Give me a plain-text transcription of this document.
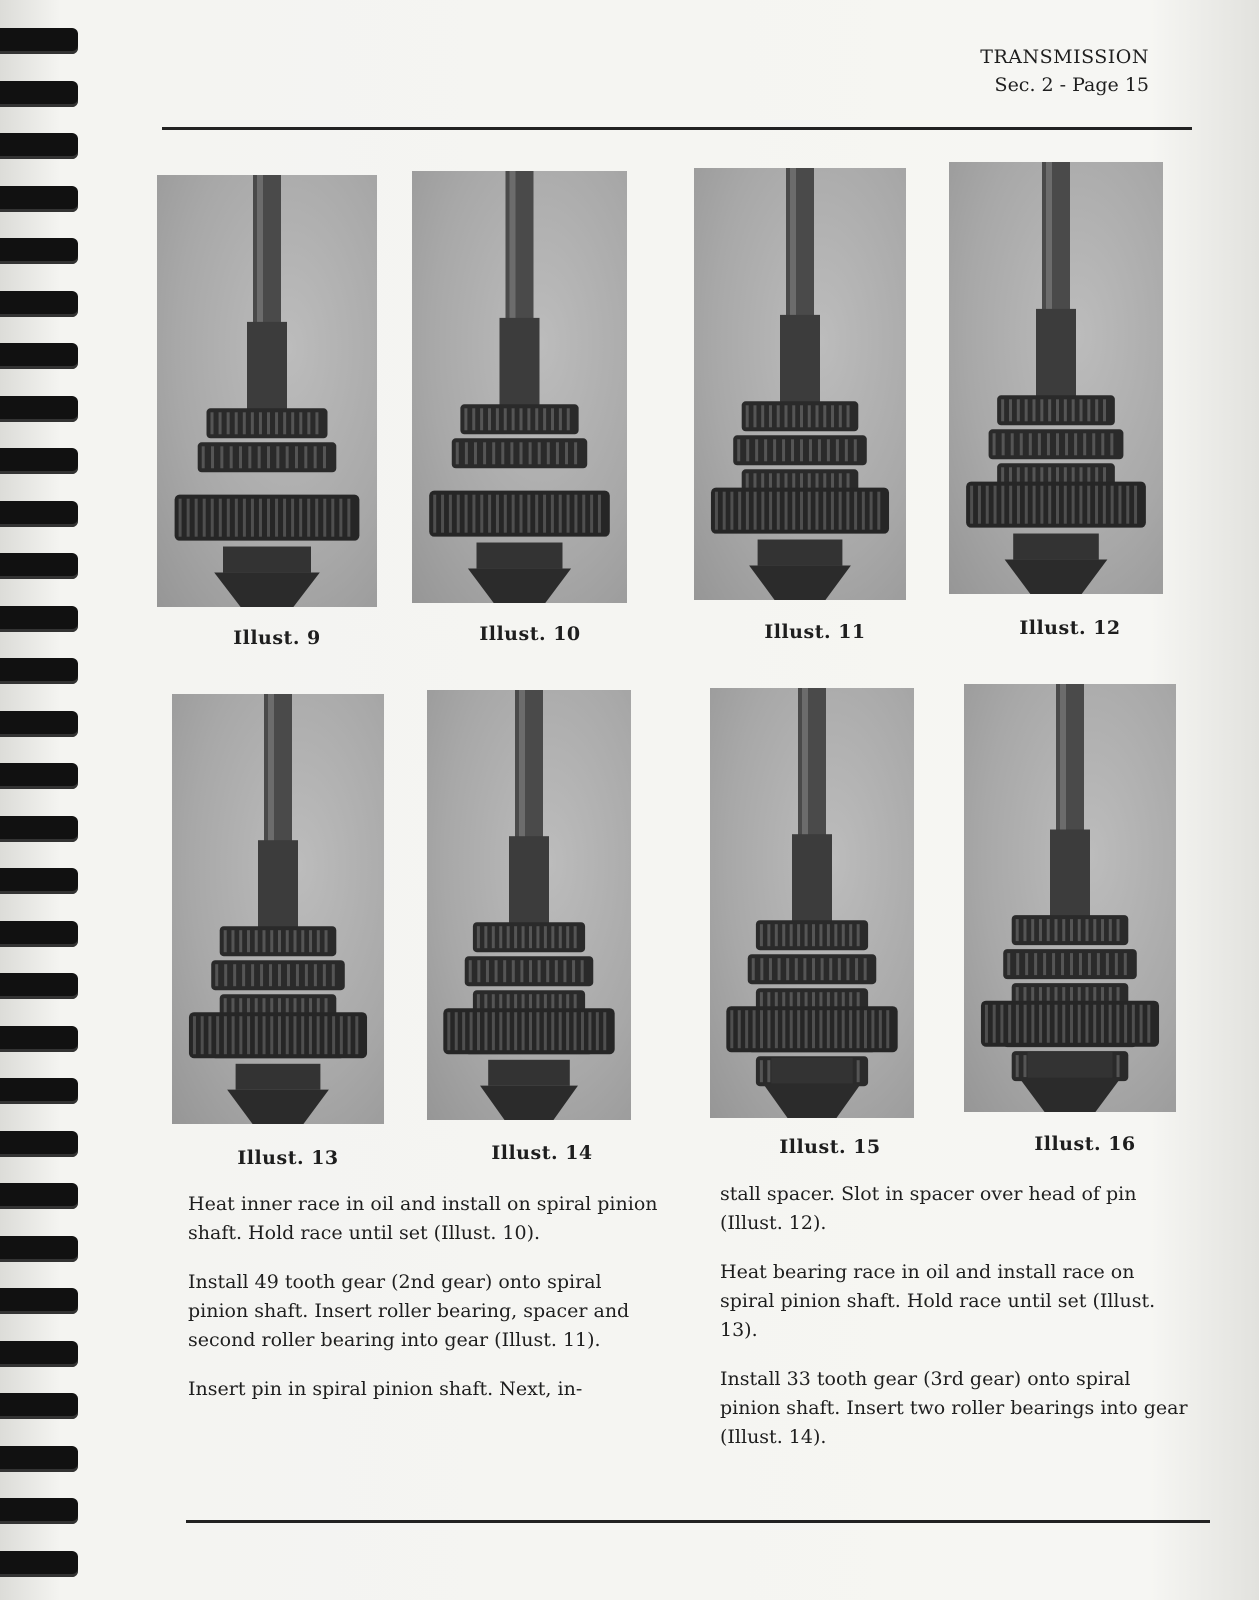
TRANSMISSION
Sec. 2 - Page 15
Illust. 9	Illust. 10	Illust. 11	Illust. 12
Illust. 13	Illust. 14	Illust. 15	Illust. 16

Heat inner race in oil and install on spiral pinion shaft. Hold race until set (Illust. 10).

Install 49 tooth gear (2nd gear) onto spiral pinion shaft. Insert roller bearing, spacer and second roller bearing into gear (Illust. 11).

Insert pin in spiral pinion shaft. Next, in-

stall spacer. Slot in spacer over head of pin (Illust. 12).

Heat bearing race in oil and install race on spiral pinion shaft. Hold race until set (Illust. 13).

Install 33 tooth gear (3rd gear) onto spiral pinion shaft. Insert two roller bearings into gear (Illust. 14).
